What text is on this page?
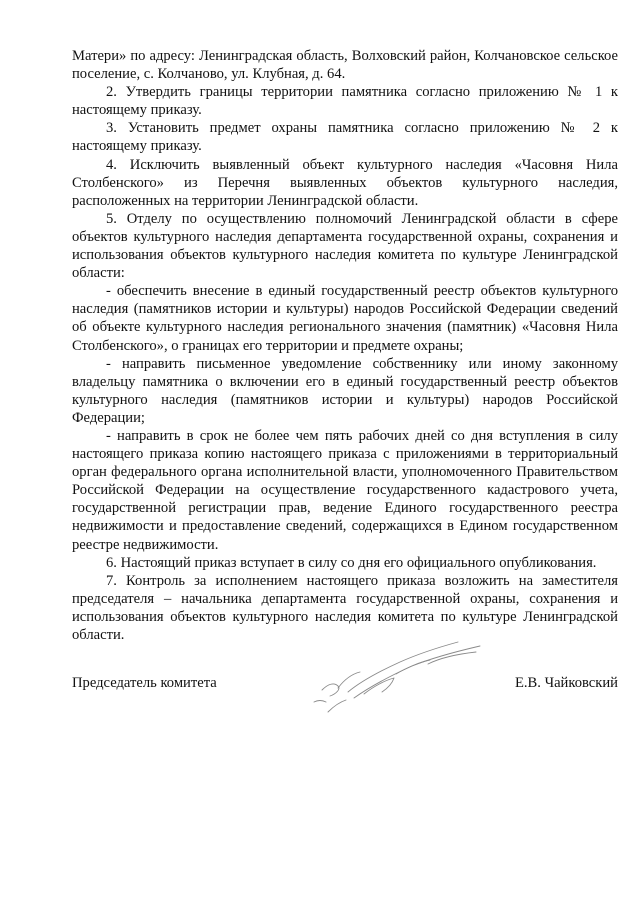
Матери» по адресу: Ленинградская область, Волховский район, Колчановское сельское поселение, с. Колчаново, ул. Клубная, д. 64.

2. Утвердить границы территории памятника согласно приложению № 1 к настоящему приказу.

3. Установить предмет охраны памятника согласно приложению № 2 к настоящему приказу.

4. Исключить выявленный объект культурного наследия «Часовня Нила Столбенского» из Перечня выявленных объектов культурного наследия, расположенных на территории Ленинградской области.

5. Отделу по осуществлению полномочий Ленинградской области в сфере объектов культурного наследия департамента государственной охраны, сохранения и использования объектов культурного наследия комитета по культуре Ленинградской области:

- обеспечить внесение в единый государственный реестр объектов культурного наследия (памятников истории и культуры) народов Российской Федерации сведений об объекте культурного наследия регионального значения (памятник) «Часовня Нила Столбенского», о границах его территории и предмете охраны;

- направить письменное уведомление собственнику или иному законному владельцу памятника о включении его в единый государственный реестр объектов культурного наследия (памятников истории и культуры) народов Российской Федерации;

- направить в срок не более чем пять рабочих дней со дня вступления в силу настоящего приказа копию настоящего приказа с приложениями в территориальный орган федерального органа исполнительной власти, уполномоченного Правительством Российской Федерации на осуществление государственного кадастрового учета, государственной регистрации прав, ведение Единого государственного реестра недвижимости и предоставление сведений, содержащихся в Едином государственном реестре недвижимости.

6. Настоящий приказ вступает в силу со дня его официального опубликования.

7. Контроль за исполнением настоящего приказа возложить на заместителя председателя – начальника департамента государственной охраны, сохранения и использования объектов культурного наследия комитета по культуре Ленинградской области.

Председатель комитета	Е.В. Чайковский
